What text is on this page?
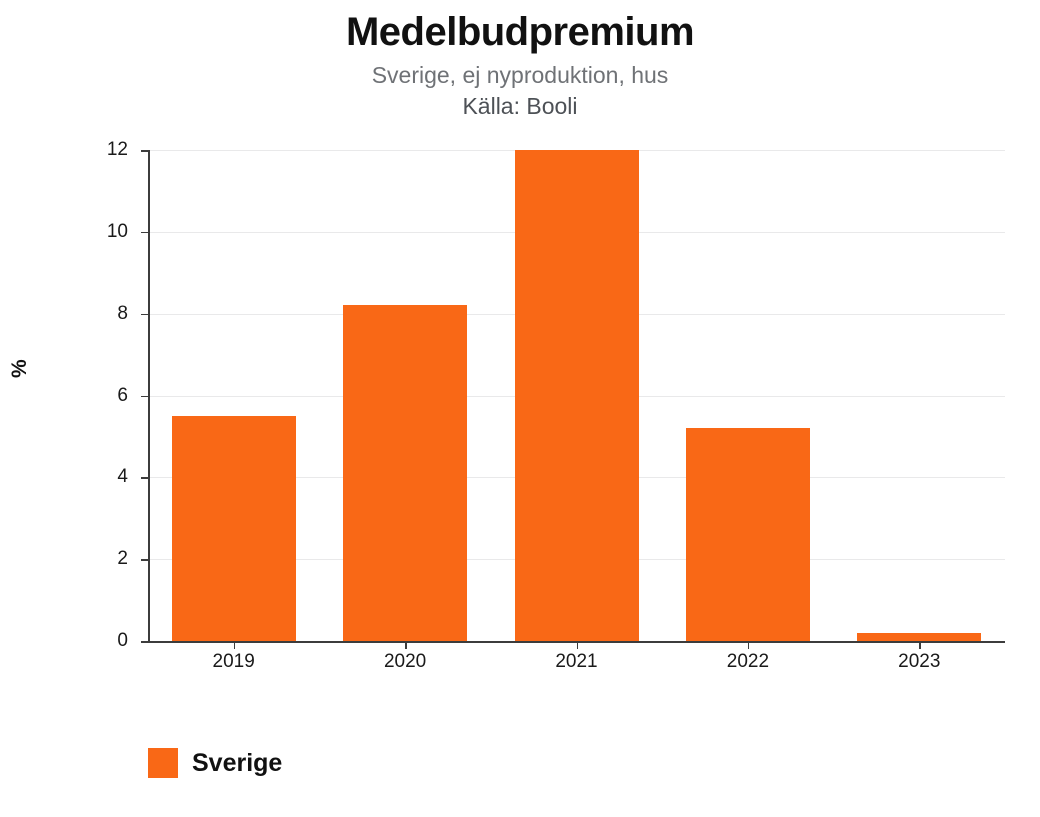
Medelbudpremium
Sverige, ej nyproduktion, hus
Källa: Booli
%
0
2
4
6
8
10
12
2019	2020	2021	2022	2023
Sverige
